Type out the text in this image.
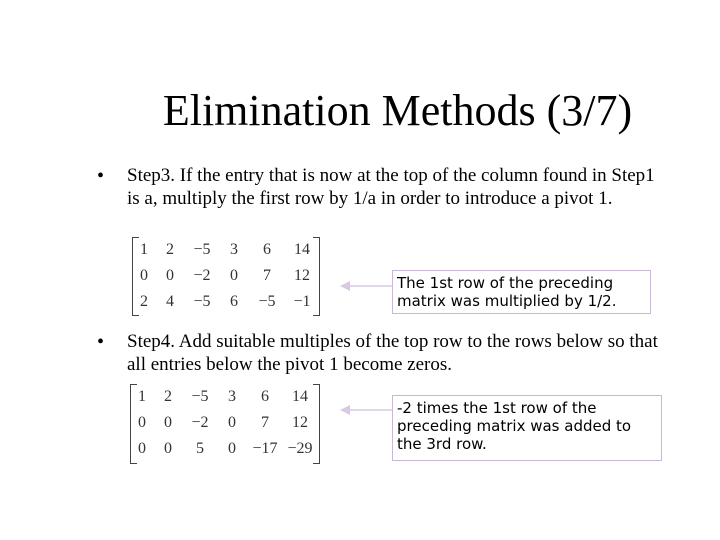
Elimination Methods (3/7)
• Step3. If the entry that is now at the top of the column found in Step1 is a, multiply the first row by 1/a in order to introduce a pivot 1.
1	2	−5	3	6	14
0	0	−2	0	7	12
2	4	−5	6	−5	−1
The 1st row of the preceding matrix was multiplied by 1/2.
• Step4. Add suitable multiples of the top row to the rows below so that all entries below the pivot 1 become zeros.
1	2	−5	3	6	14
0	0	−2	0	7	12
0	0	5	0	−17	−29
-2 times the 1st row of the preceding matrix was added to the 3rd row.
